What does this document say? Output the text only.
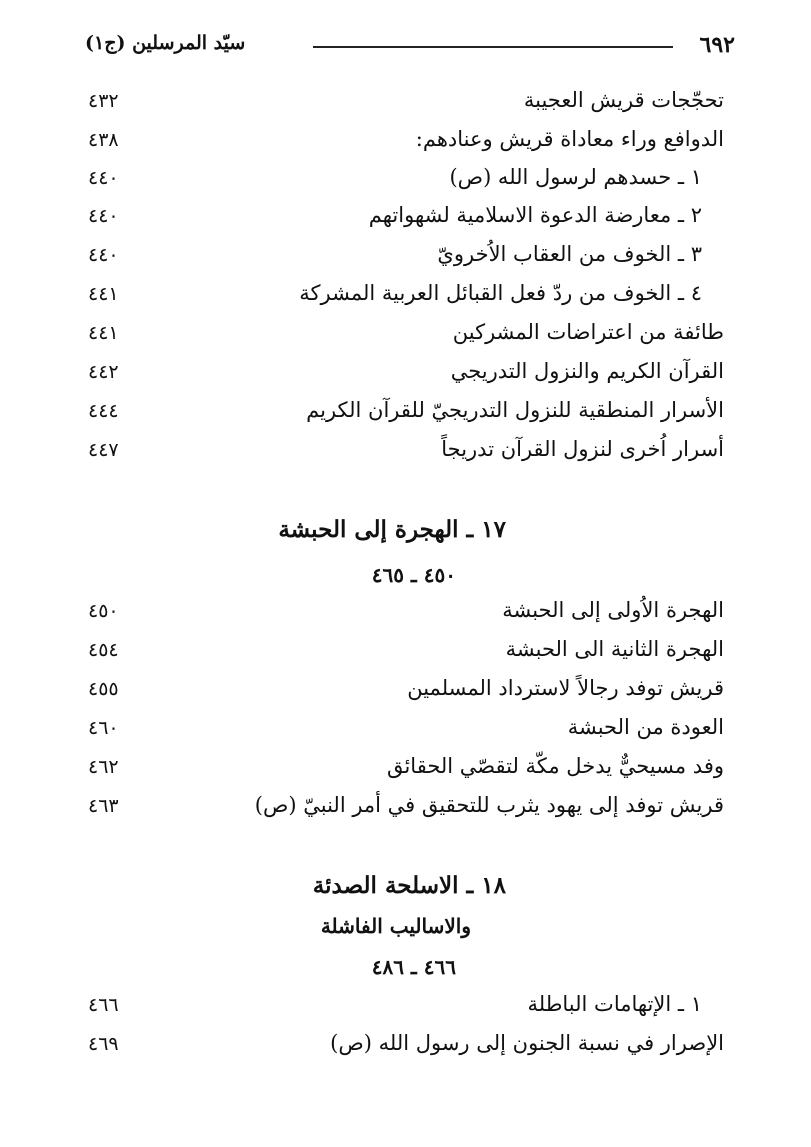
٦٩٢
سيّد المرسلين (ج١)
تحجّجات قريش العجيبة
٤٣٢
الدوافع وراء معاداة قريش وعنادهم:
٤٣٨
١ ـ حسدهم لرسول الله (ص)
٤٤٠
٢ ـ معارضة الدعوة الاسلامية لشهواتهم
٤٤٠
٣ ـ الخوف من العقاب الاُخرويّ
٤٤٠
٤ ـ الخوف من ردّ فعل القبائل العربية المشركة
٤٤١
طائفة من اعتراضات المشركين
٤٤١
القرآن الكريم والنزول التدريجي
٤٤٢
الأسرار المنطقية للنزول التدريجيّ للقرآن الكريم
٤٤٤
أسرار اُخرى لنزول القرآن تدريجاً
٤٤٧
١٧ ـ الهجرة إلى الحبشة
٤٥٠ ـ ٤٦٥
الهجرة الاُولى إلى الحبشة
٤٥٠
الهجرة الثانية الى الحبشة
٤٥٤
قريش توفد رجالاً لاسترداد المسلمين
٤٥٥
العودة من الحبشة
٤٦٠
وفد مسيحيٌّ يدخل مكّة لتقصّي الحقائق
٤٦٢
قريش توفد إلى يهود يثرب للتحقيق في أمر النبيّ (ص)
٤٦٣
١٨ ـ الاسلحة الصدئة
والاساليب الفاشلة
٤٦٦ ـ ٤٨٦
١ ـ الإتهامات الباطلة
٤٦٦
الإصرار في نسبة الجنون إلى رسول الله (ص)
٤٦٩
